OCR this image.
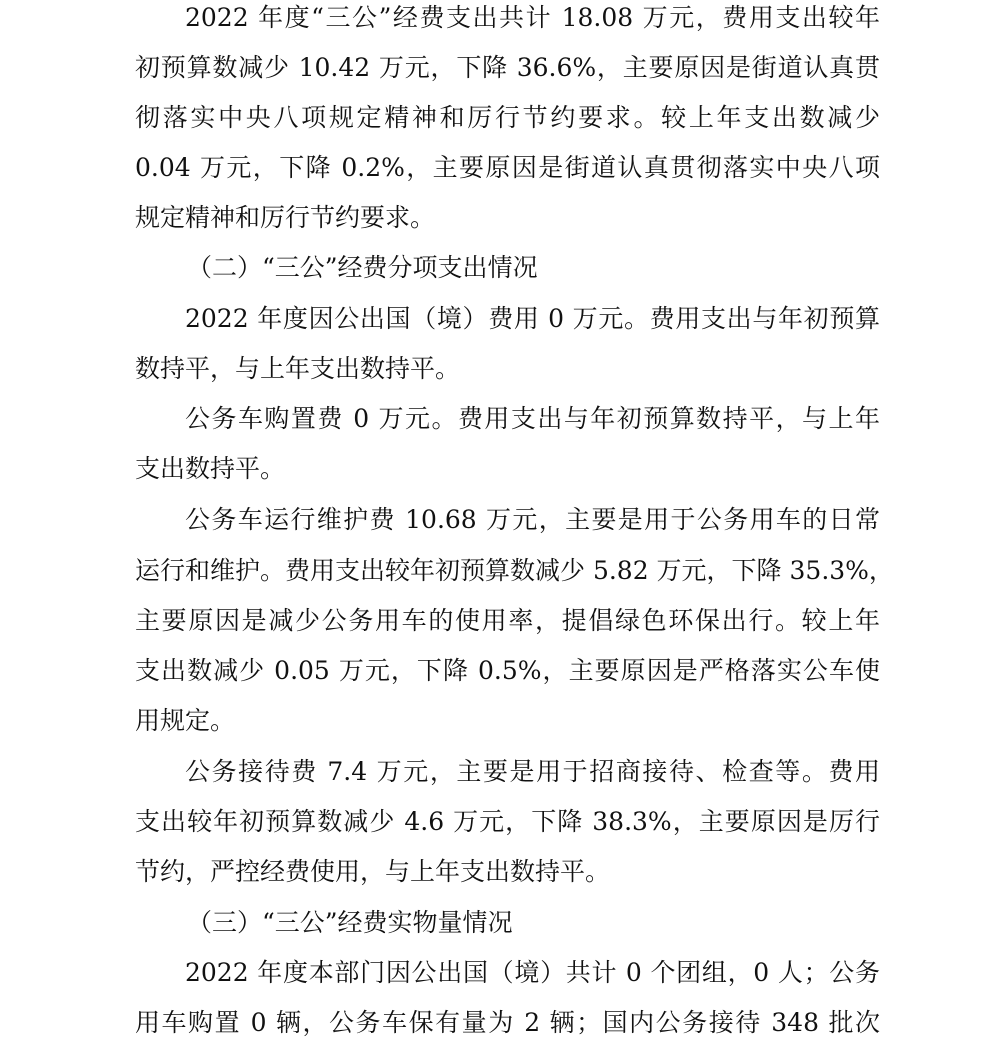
2022 年度“三公”经费支出共计 18.08 万元，费用支出较年
初预算数减少 10.42 万元，下降 36.6%，主要原因是街道认真贯
彻落实中央八项规定精神和厉行节约要求。较上年支出数减少
0.04 万元，下降 0.2%，主要原因是街道认真贯彻落实中央八项
规定精神和厉行节约要求。
（二）“三公”经费分项支出情况
2022 年度因公出国（境）费用 0 万元。费用支出与年初预算
数持平，与上年支出数持平。
公务车购置费 0 万元。费用支出与年初预算数持平，与上年
支出数持平。
公务车运行维护费 10.68 万元，主要是用于公务用车的日常
运行和维护。费用支出较年初预算数减少 5.82 万元，下降 35.3%，
主要原因是减少公务用车的使用率，提倡绿色环保出行。较上年
支出数减少 0.05 万元，下降 0.5%，主要原因是严格落实公车使
用规定。
公务接待费 7.4 万元，主要是用于招商接待、检查等。费用
支出较年初预算数减少 4.6 万元，下降 38.3%，主要原因是厉行
节约，严控经费使用，与上年支出数持平。
（三）“三公”经费实物量情况
2022 年度本部门因公出国（境）共计 0 个团组，0 人；公务
用车购置 0 辆，公务车保有量为 2 辆；国内公务接待 348 批次
